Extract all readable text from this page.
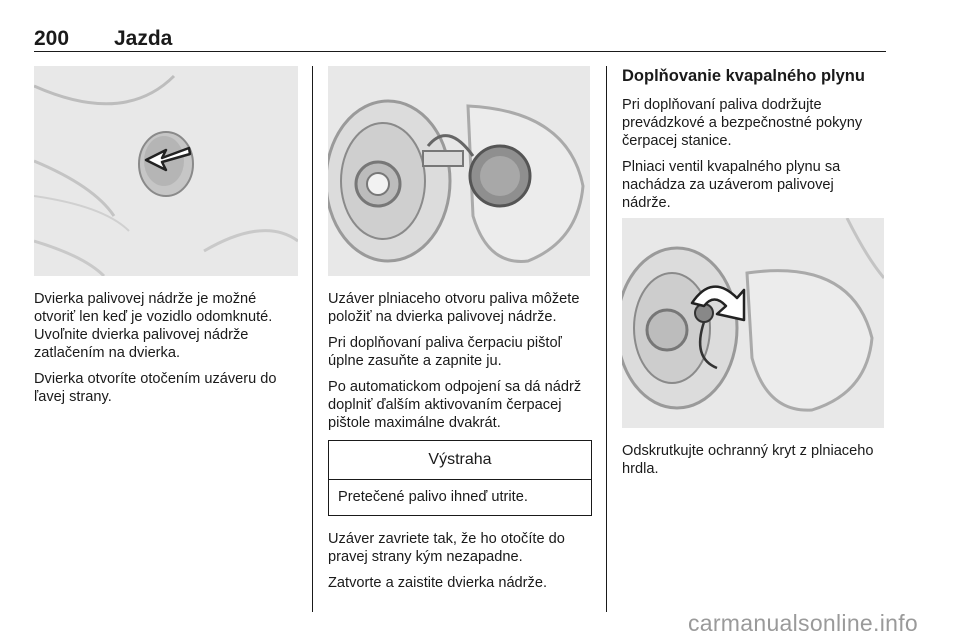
200 Jazda

Dvierka palivovej nádrže je možné otvoriť len keď je vozidlo odomknuté. Uvoľnite dvierka palivovej nádrže zatlačením na dvierka.

Dvierka otvoríte otočením uzáveru do ľavej strany.

Uzáver plniaceho otvoru paliva môžete položiť na dvierka palivovej nádrže.

Pri doplňovaní paliva čerpaciu pištoľ úplne zasuňte a zapnite ju.

Po automatickom odpojení sa dá nádrž doplniť ďalším aktivovaním čerpacej pištole maximálne dvakrát.

Výstraha
Pretečené palivo ihneď utrite.

Uzáver zavriete tak, že ho otočíte do pravej strany kým nezapadne.

Zatvorte a zaistite dvierka nádrže.

Doplňovanie kvapalného plynu

Pri doplňovaní paliva dodržujte prevádzkové a bezpečnostné pokyny čerpacej stanice.

Plniaci ventil kvapalného plynu sa nachádza za uzáverom palivovej nádrže.

Odskrutkujte ochranný kryt z plniaceho hrdla.

carmanualsonline.info
